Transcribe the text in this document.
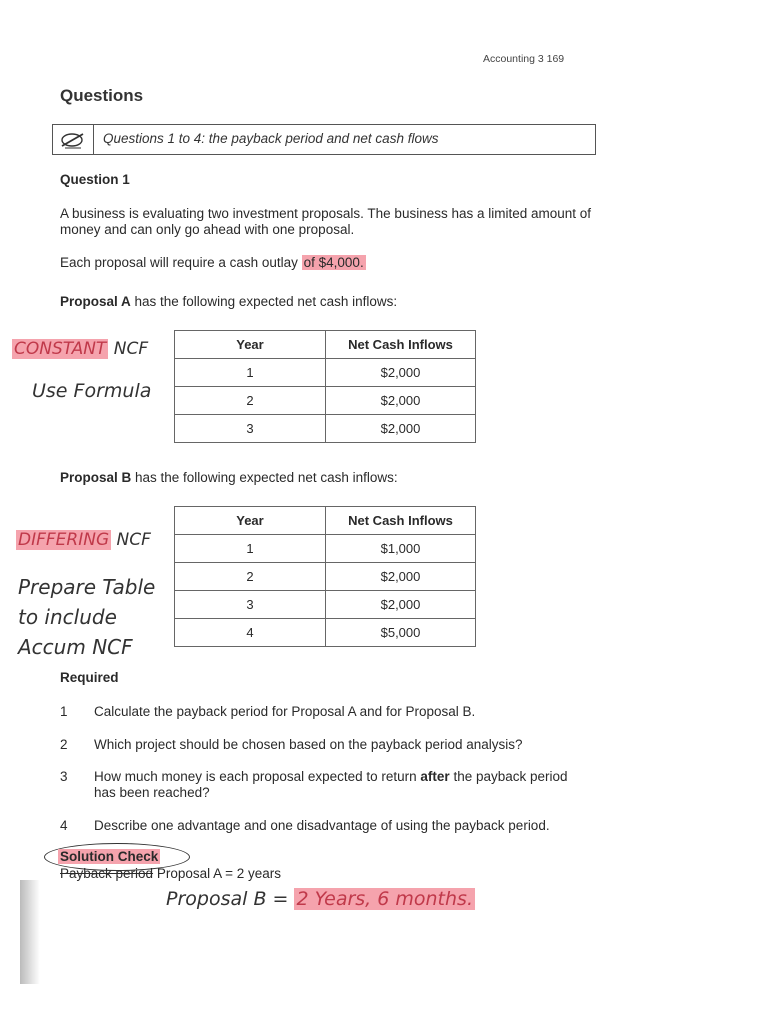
Accounting 3 169
Questions
Questions 1 to 4: the payback period and net cash flows
Question 1
A business is evaluating two investment proposals. The business has a limited amount of money and can only go ahead with one proposal.
Each proposal will require a cash outlay of $4,000.
Proposal A has the following expected net cash inflows:
Year	Net Cash Inflows
1	$2,000
2	$2,000
3	$2,000
CONSTANT NCF
Use Formula
Proposal B has the following expected net cash inflows:
Year	Net Cash Inflows
1	$1,000
2	$2,000
3	$2,000
4	$5,000
DIFFERING NCF
Prepare Table
to include
Accum NCF
Required
1	Calculate the payback period for Proposal A and for Proposal B.
2	Which project should be chosen based on the payback period analysis?
3	How much money is each proposal expected to return after the payback period has been reached?
4	Describe one advantage and one disadvantage of using the payback period.
Solution Check
Payback period Proposal A = 2 years
Proposal B = 2 Years, 6 months.
